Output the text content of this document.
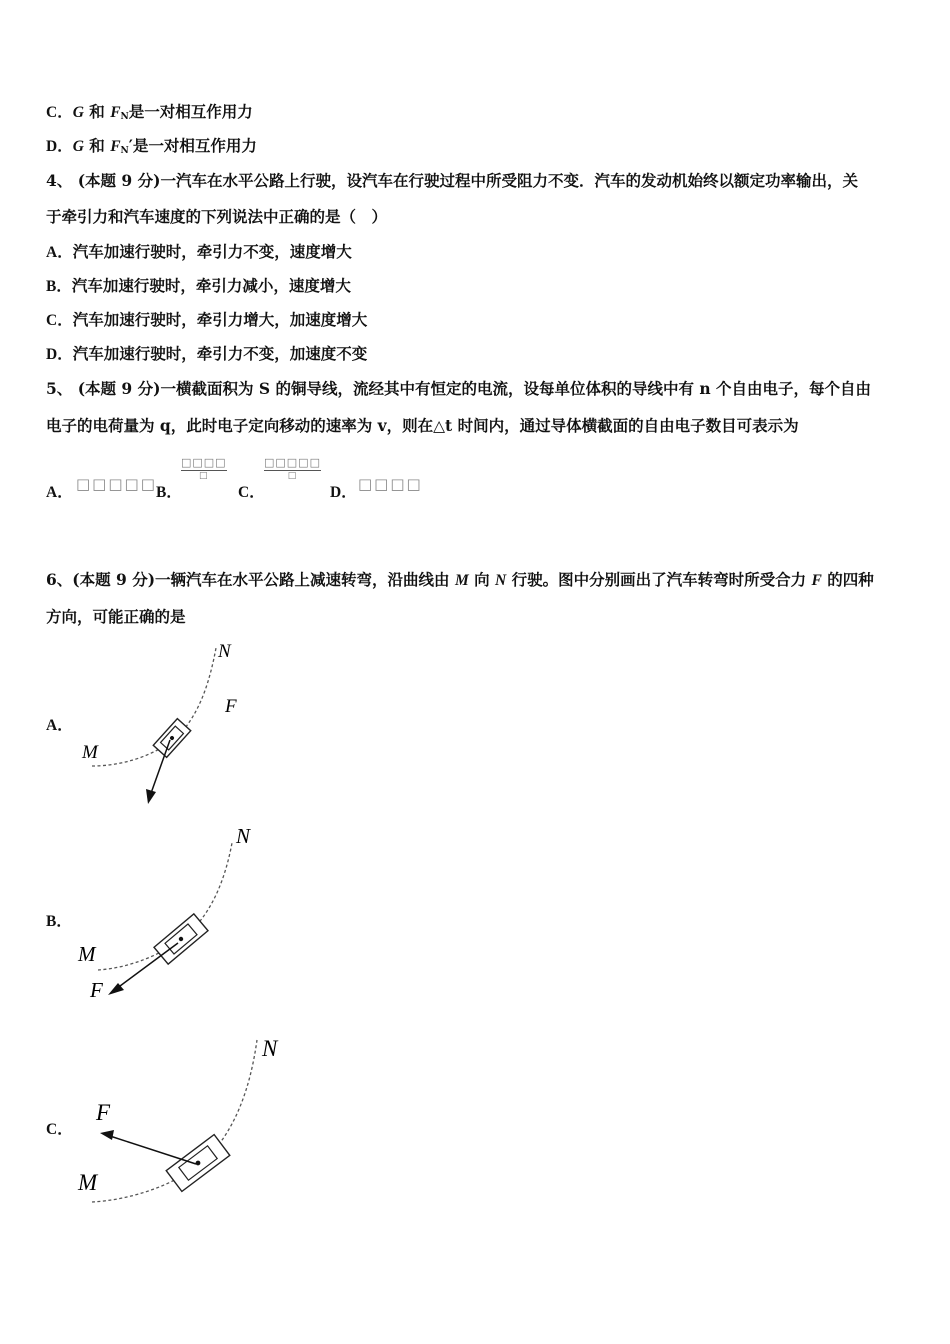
C．G 和 $F_N$是一对相互作用力
D．G 和 $F_N'$是一对相互作用力
4、 (本题 9 分)一汽车在水平公路上行驶，设汽车在行驶过程中所受阻力不变．汽车的发动机始终以额定功率输出，关
于牵引力和汽车速度的下列说法中正确的是（　）
A．汽车加速行驶时，牵引力不变，速度增大
B．汽车加速行驶时，牵引力减小，速度增大
C．汽车加速行驶时，牵引力增大，加速度增大
D．汽车加速行驶时，牵引力不变，加速度不变
5、 (本题 9 分)一横截面积为 S 的铜导线，流经其中有恒定的电流，设每单位体积的导线中有 n 个自由电子，每个自由
电子的电荷量为 q，此时电子定向移动的速率为 v，则在△t 时间内，通过导体横截面的自由电子数目可表示为
A． □□□□□ B．
□□□□
□
C．
□□□□□
□
D． □□□□
6、(本题 9 分)一辆汽车在水平公路上减速转弯，沿曲线由 M 向 N 行驶。图中分别画出了汽车转弯时所受合力 F 的四种
方向，可能正确的是
A．
N
F
M
B．
N
M
F
C．
N
F
M
